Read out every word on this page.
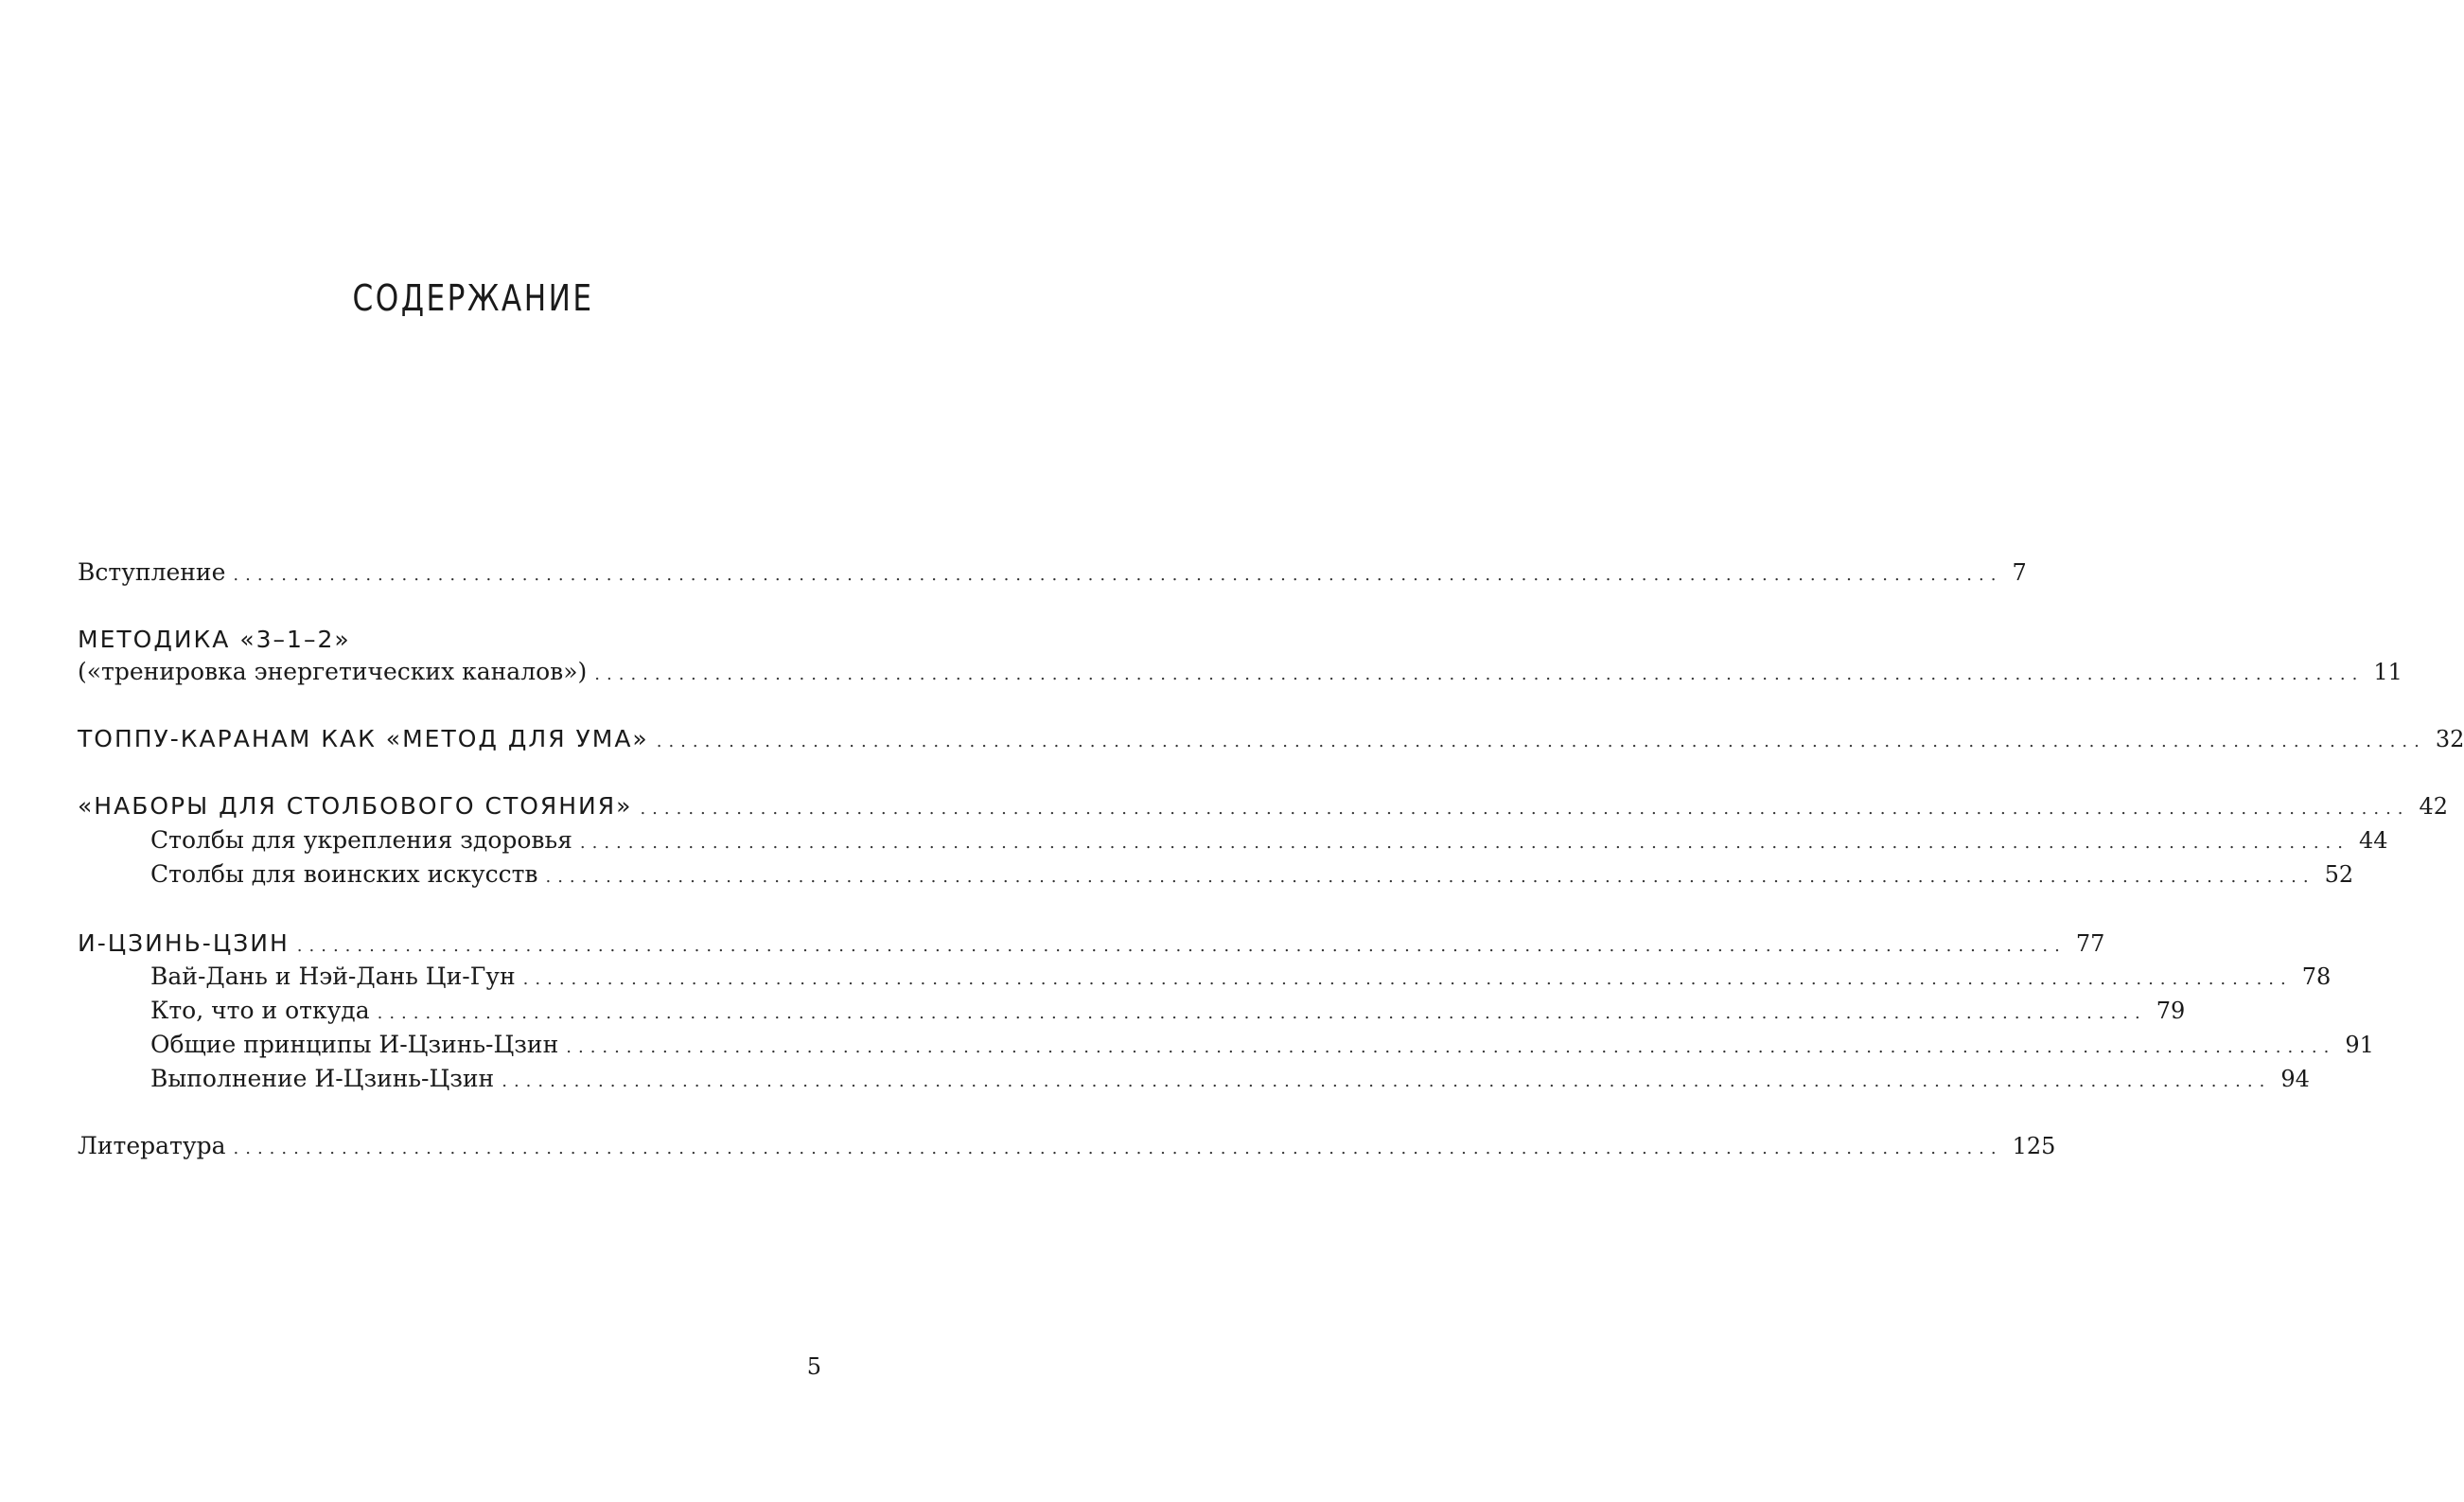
СОДЕРЖАНИЕ
Вступление ................................................................................................................................................... 7
МЕТОДИКА «3–1–2»
(«тренировка энергетических каналов») ................................................................................................................................................... 11
ТОППУ-КАРАНАМ КАК «МЕТОД ДЛЯ УМА» ................................................................................................................................................... 32
«НАБОРЫ ДЛЯ СТОЛБОВОГО СТОЯНИЯ» ................................................................................................................................................... 42
Столбы для укрепления здоровья ................................................................................................................................................... 44
Столбы для воинских искусств ................................................................................................................................................... 52
И-ЦЗИНЬ-ЦЗИН ................................................................................................................................................... 77
Вай-Дань и Нэй-Дань Ци-Гун ................................................................................................................................................... 78
Кто, что и откуда ................................................................................................................................................... 79
Общие принципы И-Цзинь-Цзин ................................................................................................................................................... 91
Выполнение И-Цзинь-Цзин ................................................................................................................................................... 94
Литература ................................................................................................................................................... 125
5
